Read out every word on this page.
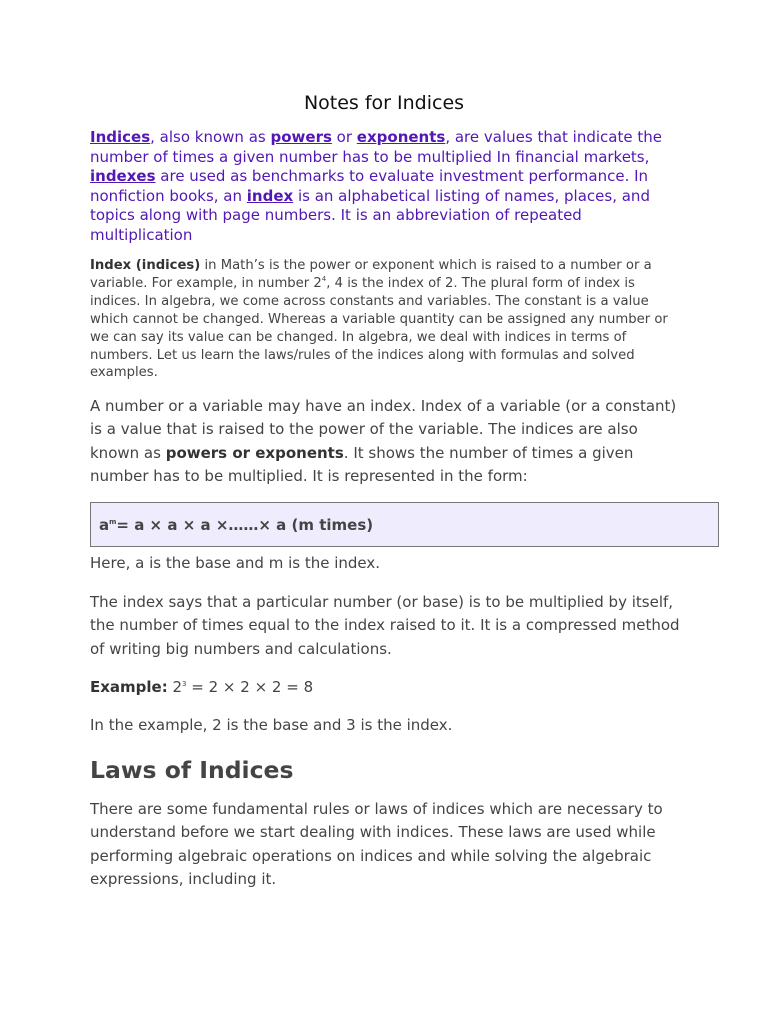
Notes for Indices

Indices, also known as powers or exponents, are values that indicate the number of times a given number has to be multiplied In financial markets, indexes are used as benchmarks to evaluate investment performance. In nonfiction books, an index is an alphabetical listing of names, places, and topics along with page numbers. It is an abbreviation of repeated multiplication

Index (indices) in Math’s is the power or exponent which is raised to a number or a variable. For example, in number $2^4$, 4 is the index of 2. The plural form of index is indices. In algebra, we come across constants and variables. The constant is a value which cannot be changed. Whereas a variable quantity can be assigned any number or we can say its value can be changed. In algebra, we deal with indices in terms of numbers. Let us learn the laws/rules of the indices along with formulas and solved examples.

A number or a variable may have an index. Index of a variable (or a constant) is a value that is raised to the power of the variable. The indices are also known as powers or exponents. It shows the number of times a given number has to be multiplied. It is represented in the form:

$a^m= a \times a \times a$ ×……× a (m times)

Here, a is the base and m is the index.

The index says that a particular number (or base) is to be multiplied by itself, the number of times equal to the index raised to it. It is a compressed method of writing big numbers and calculations.

Example: $2^3 = 2 \times 2 \times 2 = 8$

In the example, 2 is the base and 3 is the index.

Laws of Indices

There are some fundamental rules or laws of indices which are necessary to understand before we start dealing with indices. These laws are used while performing algebraic operations on indices and while solving the algebraic expressions, including it.
